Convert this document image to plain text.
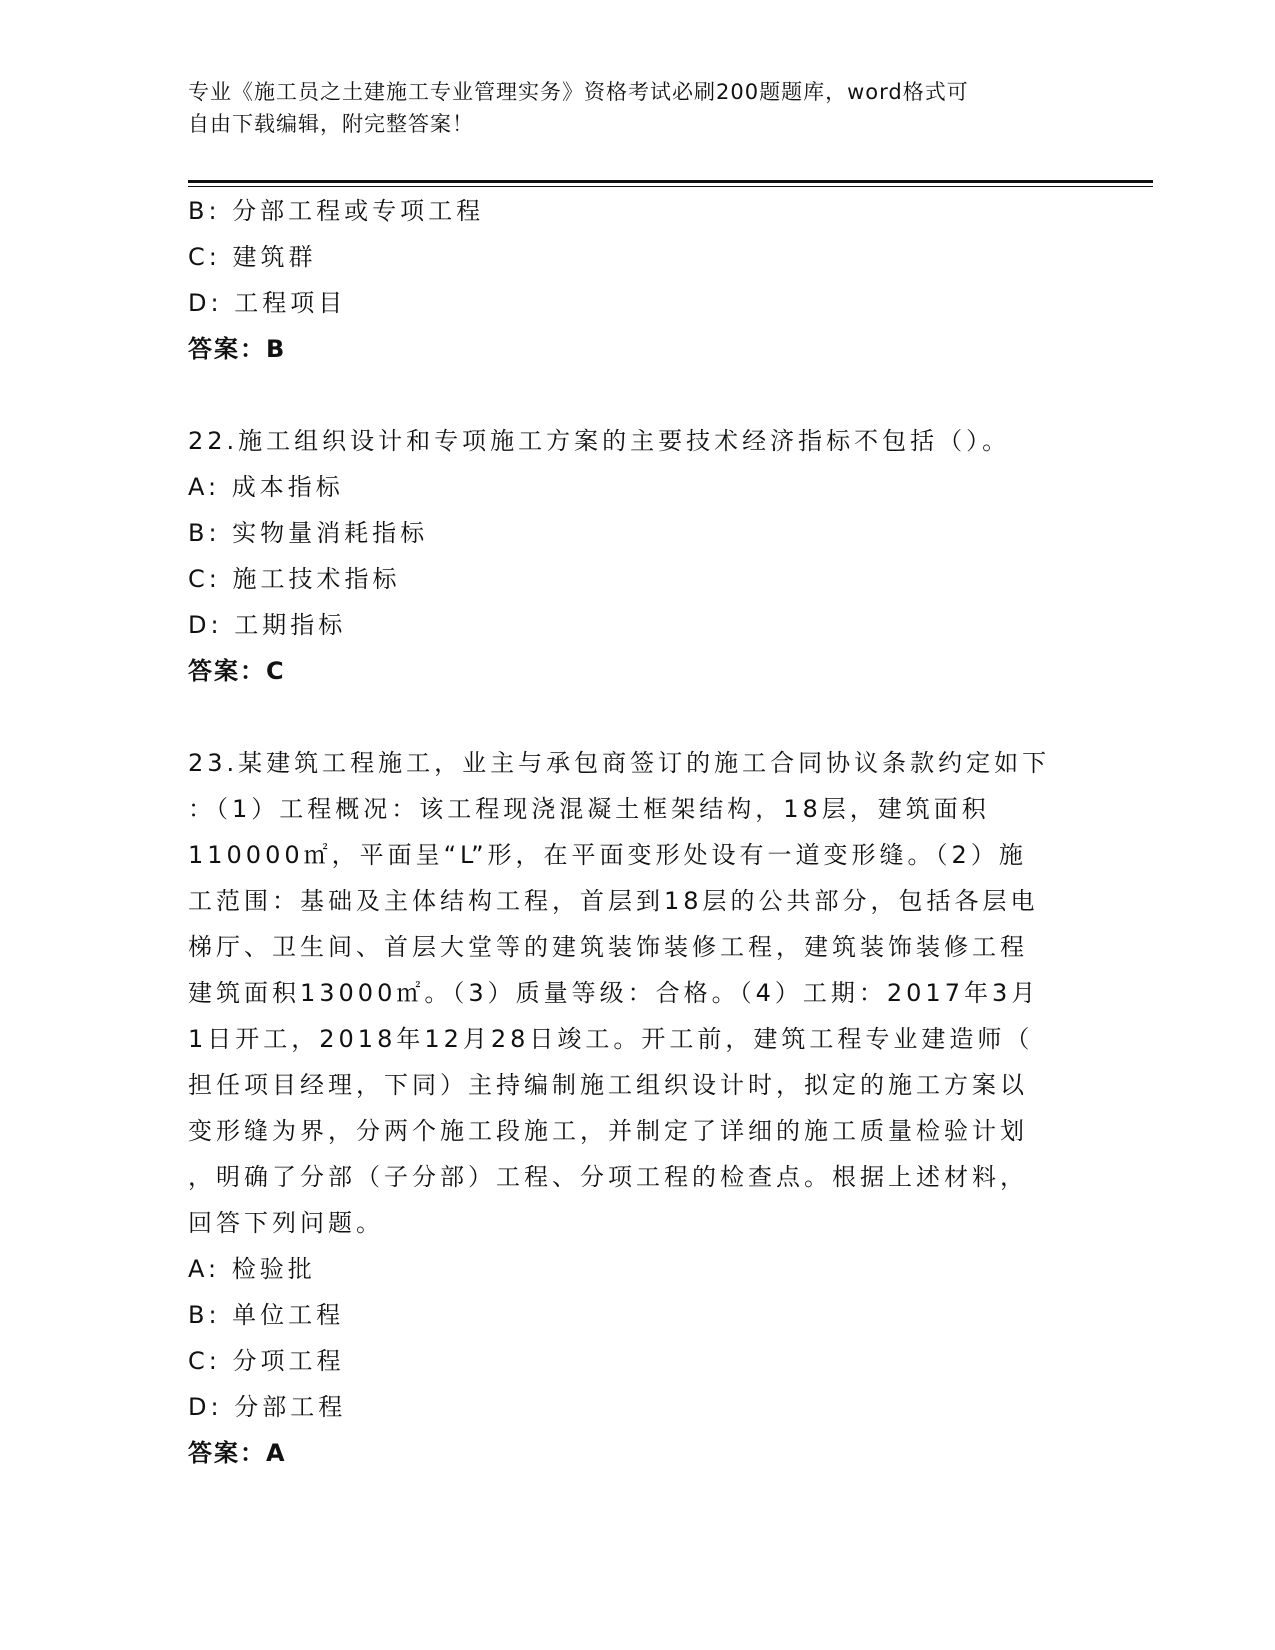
专业《施工员之土建施工专业管理实务》资格考试必刷200题题库，word格式可
自由下载编辑，附完整答案！
B: 分部工程或专项工程
C: 建筑群
D: 工程项目
答案：B
22.施工组织设计和专项施工方案的主要技术经济指标不包括（）。
A: 成本指标
B: 实物量消耗指标
C: 施工技术指标
D: 工期指标
答案：C
23.某建筑工程施工，业主与承包商签订的施工合同协议条款约定如下
：（1）工程概况：该工程现浇混凝土框架结构，18层，建筑面积
110000㎡，平面呈“L”形，在平面变形处设有一道变形缝。（2）施
工范围：基础及主体结构工程，首层到18层的公共部分，包括各层电
梯厅、卫生间、首层大堂等的建筑装饰装修工程，建筑装饰装修工程
建筑面积13000㎡。（3）质量等级：合格。（4）工期：2017年3月
1日开工，2018年12月28日竣工。开工前，建筑工程专业建造师（
担任项目经理，下同）主持编制施工组织设计时，拟定的施工方案以
变形缝为界，分两个施工段施工，并制定了详细的施工质量检验计划
，明确了分部（子分部）工程、分项工程的检查点。根据上述材料，
回答下列问题。
A: 检验批
B: 单位工程
C: 分项工程
D: 分部工程
答案：A
